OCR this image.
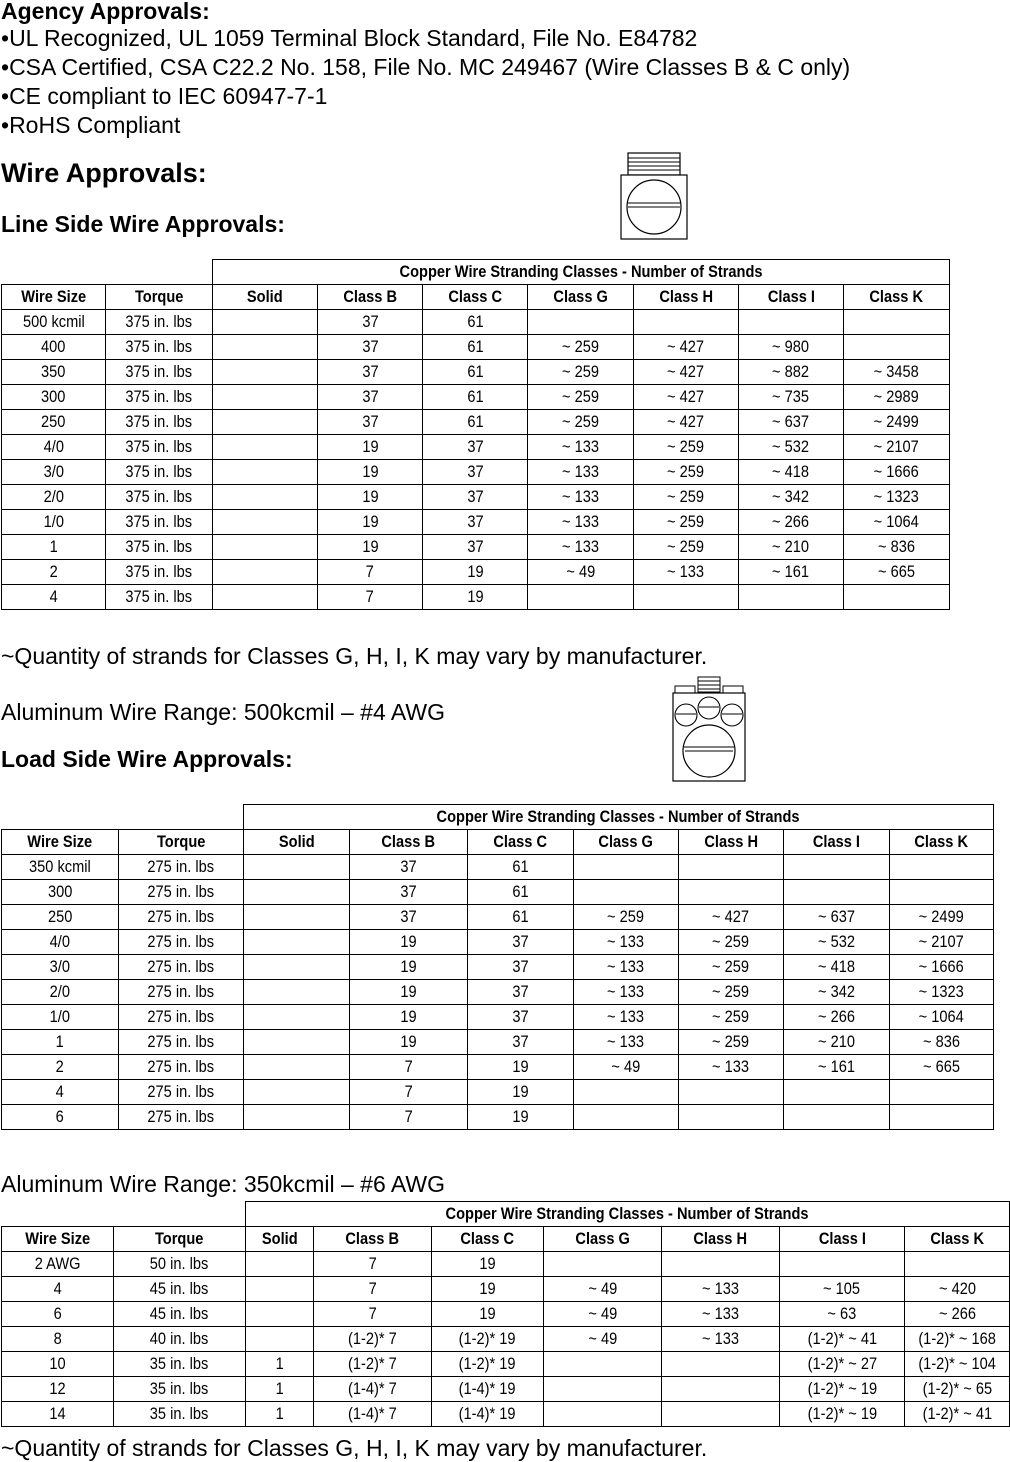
Agency Approvals:
• UL Recognized, UL 1059 Terminal Block Standard, File No. E84782
• CSA Certified, CSA C22.2 No. 158, File No. MC 249467 (Wire Classes B & C only)
• CE compliant to IEC 60947-7-1
• RoHS Compliant
Wire Approvals:
Line Side Wire Approvals:
		Copper Wire Stranding Classes - Number of Strands						
Wire Size	Torque	Solid	Class B	Class C	Class G	Class H	Class I	Class K
500 kcmil	375 in. lbs		37	61				
400	375 in. lbs		37	61	~ 259	~ 427	~ 980	
350	375 in. lbs		37	61	~ 259	~ 427	~ 882	~ 3458
300	375 in. lbs		37	61	~ 259	~ 427	~ 735	~ 2989
250	375 in. lbs		37	61	~ 259	~ 427	~ 637	~ 2499
4/0	375 in. lbs		19	37	~ 133	~ 259	~ 532	~ 2107
3/0	375 in. lbs		19	37	~ 133	~ 259	~ 418	~ 1666
2/0	375 in. lbs		19	37	~ 133	~ 259	~ 342	~ 1323
1/0	375 in. lbs		19	37	~ 133	~ 259	~ 266	~ 1064
1	375 in. lbs		19	37	~ 133	~ 259	~ 210	~ 836
2	375 in. lbs		7	19	~ 49	~ 133	~ 161	~ 665
4	375 in. lbs		7	19				
~Quantity of strands for Classes G, H, I, K may vary by manufacturer.
Aluminum Wire Range: 500kcmil – #4 AWG
Load Side Wire Approvals:
		Copper Wire Stranding Classes - Number of Strands						
Wire Size	Torque	Solid	Class B	Class C	Class G	Class H	Class I	Class K
350 kcmil	275 in. lbs		37	61				
300	275 in. lbs		37	61				
250	275 in. lbs		37	61	~ 259	~ 427	~ 637	~ 2499
4/0	275 in. lbs		19	37	~ 133	~ 259	~ 532	~ 2107
3/0	275 in. lbs		19	37	~ 133	~ 259	~ 418	~ 1666
2/0	275 in. lbs		19	37	~ 133	~ 259	~ 342	~ 1323
1/0	275 in. lbs		19	37	~ 133	~ 259	~ 266	~ 1064
1	275 in. lbs		19	37	~ 133	~ 259	~ 210	~ 836
2	275 in. lbs		7	19	~ 49	~ 133	~ 161	~ 665
4	275 in. lbs		7	19				
6	275 in. lbs		7	19				
Aluminum Wire Range: 350kcmil – #6 AWG
		Copper Wire Stranding Classes - Number of Strands						
Wire Size	Torque	Solid	Class B	Class C	Class G	Class H	Class I	Class K
2 AWG	50 in. lbs		7	19				
4	45 in. lbs		7	19	~ 49	~ 133	~ 105	~ 420
6	45 in. lbs		7	19	~ 49	~ 133	~ 63	~ 266
8	40 in. lbs		(1-2)* 7	(1-2)* 19	~ 49	~ 133	(1-2)* ~ 41	(1-2)* ~ 168
10	35 in. lbs	1	(1-2)* 7	(1-2)* 19			(1-2)* ~ 27	(1-2)* ~ 104
12	35 in. lbs	1	(1-4)* 7	(1-4)* 19			(1-2)* ~ 19	(1-2)* ~ 65
14	35 in. lbs	1	(1-4)* 7	(1-4)* 19			(1-2)* ~ 19	(1-2)* ~ 41
~Quantity of strands for Classes G, H, I, K may vary by manufacturer.
